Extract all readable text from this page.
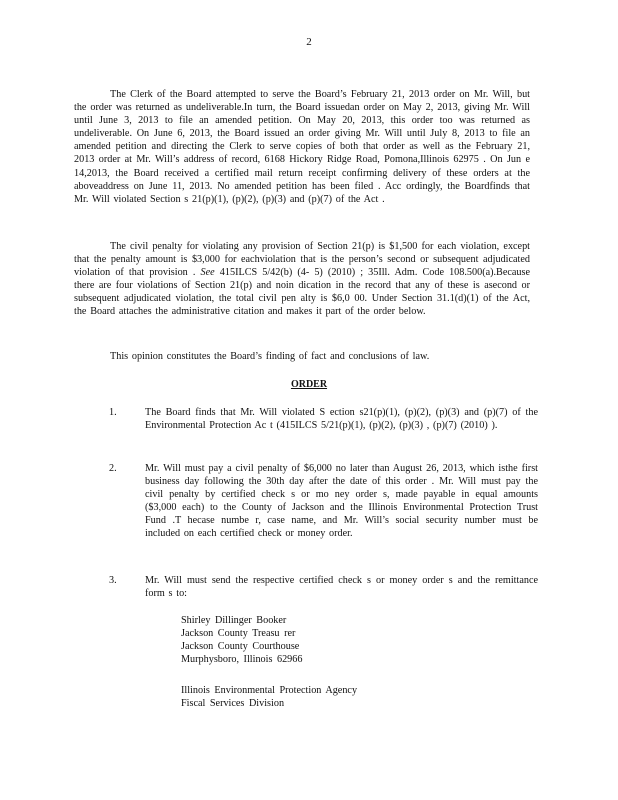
2

The Clerk of the Board attempted to serve the Board’s February 21, 2013 order on Mr. Will, but the order was returned as undeliverable.In turn, the Board issuedan order on May 2, 2013, giving Mr. Will until June 3, 2013 to file an amended petition. On May 20, 2013, this order too was returned as undeliverable. On June 6, 2013, the Board issued an order giving Mr. Will until July 8, 2013 to file an amended petition and directing the Clerk to serve copies of both that order as well as the February 21, 2013 order at Mr. Will’s address of record, 6168 Hickory Ridge Road, Pomona,Illinois 62975 . On Jun e 14,2013, the Board received a certified mail return receipt confirming delivery of these orders at the aboveaddress on June 11, 2013. No amended petition has been filed . Acc ordingly, the Boardfinds that Mr. Will violated Section s 21(p)(1), (p)(2), (p)(3) and (p)(7) of the Act .

The civil penalty for violating any provision of Section 21(p) is $1,500 for each violation, except that the penalty amount is $3,000 for eachviolation that is the person’s second or subsequent adjudicated violation of that provision . See 415ILCS 5/42(b) (4- 5) (2010) ; 35Ill. Adm. Code 108.500(a).Because there are four violations of Section 21(p) and noin dication in the record that any of these is asecond or subsequent adjudicated violation, the total civil pen alty is $6,0 00. Under Section 31.1(d)(1) of the Act, the Board attaches the administrative citation and makes it part of the order below.

This opinion constitutes the Board’s finding of fact and conclusions of law.

ORDER
1.	The Board finds that Mr. Will violated S ection s21(p)(1), (p)(2), (p)(3) and (p)(7) of the Environmental Protection Ac t (415ILCS 5/21(p)(1), (p)(2), (p)(3) , (p)(7) (2010) ).
2.	Mr. Will must pay a civil penalty of $6,000 no later than August 26, 2013, which isthe first business day following the 30th day after the date of this order . Mr. Will must pay the civil penalty by certified check s or mo ney order s, made payable in equal amounts ($3,000 each) to the County of Jackson and the Illinois Environmental Protection Trust Fund .T hecase numbe r, case name, and Mr. Will’s social security number must be included on each certified check or money order.
3.	Mr. Will must send the respective certified check s or money order s and the remittance form s to:
Shirley Dillinger Booker
Jackson County Treasu rer
Jackson County Courthouse
Murphysboro, Illinois 62966
Illinois Environmental Protection Agency
Fiscal Services Division
